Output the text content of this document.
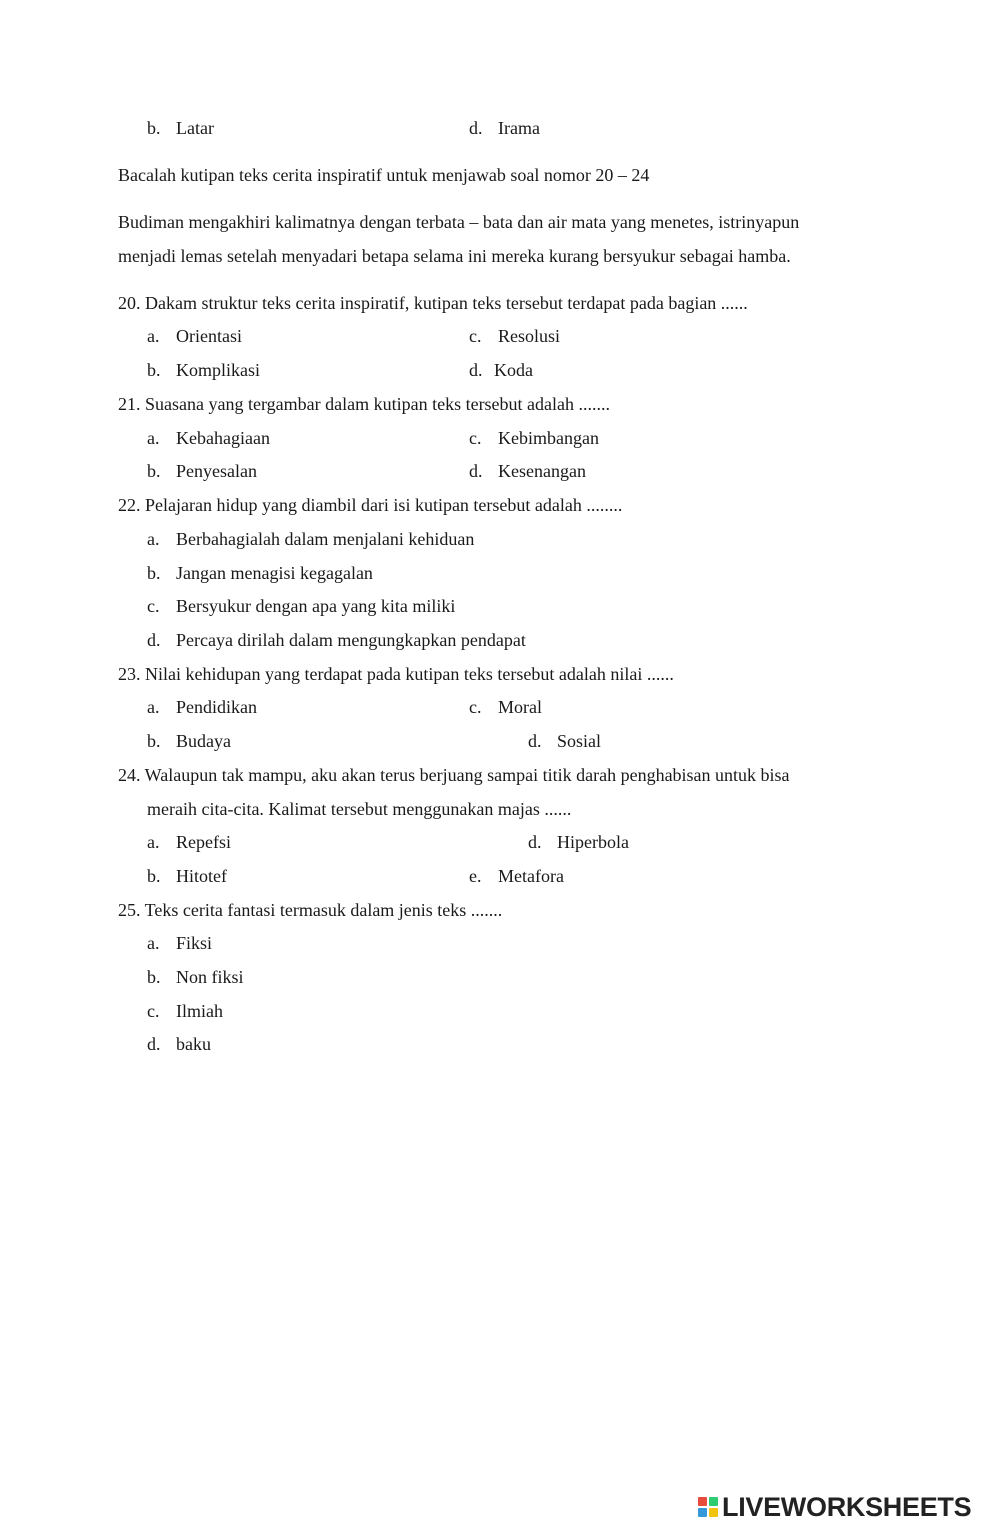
b. Latar	d. Irama
Bacalah kutipan teks cerita inspiratif untuk menjawab soal nomor 20 – 24
Budiman mengakhiri kalimatnya dengan terbata – bata dan air mata yang menetes, istrinyapun
menjadi lemas setelah menyadari betapa selama ini mereka kurang bersyukur sebagai hamba.
20. Dakam struktur teks cerita inspiratif, kutipan teks tersebut terdapat pada bagian ......
a. Orientasi	c. Resolusi
b. Komplikasi	d. Koda
21. Suasana yang tergambar dalam kutipan teks tersebut adalah .......
a. Kebahagiaan	c. Kebimbangan
b. Penyesalan	d. Kesenangan
22. Pelajaran hidup yang diambil dari isi kutipan tersebut adalah ........
a. Berbahagialah dalam menjalani kehiduan
b. Jangan menagisi kegagalan
c. Bersyukur dengan apa yang kita miliki
d. Percaya dirilah dalam mengungkapkan pendapat
23. Nilai kehidupan yang terdapat pada kutipan teks tersebut adalah nilai ......
a. Pendidikan	c. Moral
b. Budaya	d. Sosial
24. Walaupun tak mampu, aku akan terus berjuang sampai titik darah penghabisan untuk bisa
meraih cita-cita. Kalimat tersebut menggunakan majas ......
a. Repefsi	d. Hiperbola
b. Hitotef	e. Metafora
25. Teks cerita fantasi termasuk dalam jenis teks .......
a. Fiksi
b. Non fiksi
c. Ilmiah
d. baku
LIVEWORKSHEETS
